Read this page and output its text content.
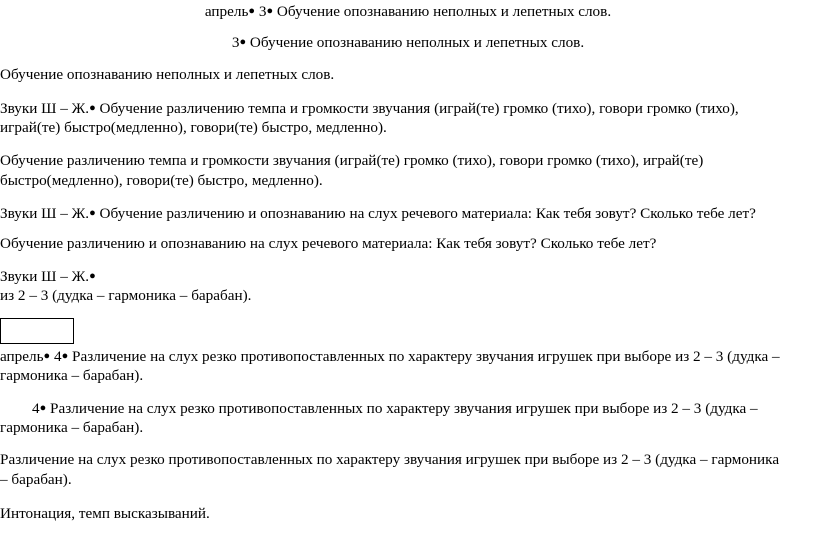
апрель● 3● Обучение опознаванию неполных и лепетных слов.
3● Обучение опознаванию неполных и лепетных слов.
Обучение опознаванию неполных и лепетных слов.
Звуки Ш – Ж.● Обучение различению темпа и громкости звучания (играй(те) громко (тихо), говори громко (тихо),
играй(те) быстро(медленно), говори(те) быстро, медленно).
Обучение различению темпа и громкости звучания (играй(те) громко (тихо), говори громко (тихо), играй(те)
быстро(медленно), говори(те) быстро, медленно).
Звуки Ш – Ж.● Обучение различению и опознаванию на слух речевого материала: Как тебя зовут? Сколько тебе лет?
Обучение различению и опознаванию на слух речевого материала: Как тебя зовут? Сколько тебе лет?
Звуки Ш – Ж.●
из 2 – 3 (дудка – гармоника – барабан).
апрель● 4● Различение на слух резко противопоставленных по характеру звучания игрушек при выборе из 2 – 3 (дудка –
гармоника – барабан).
4● Различение на слух резко противопоставленных по характеру звучания игрушек при выборе из 2 – 3 (дудка –
гармоника – барабан).
Различение на слух резко противопоставленных по характеру звучания игрушек при выборе из 2 – 3 (дудка – гармоника
– барабан).
Интонация, темп высказываний.
